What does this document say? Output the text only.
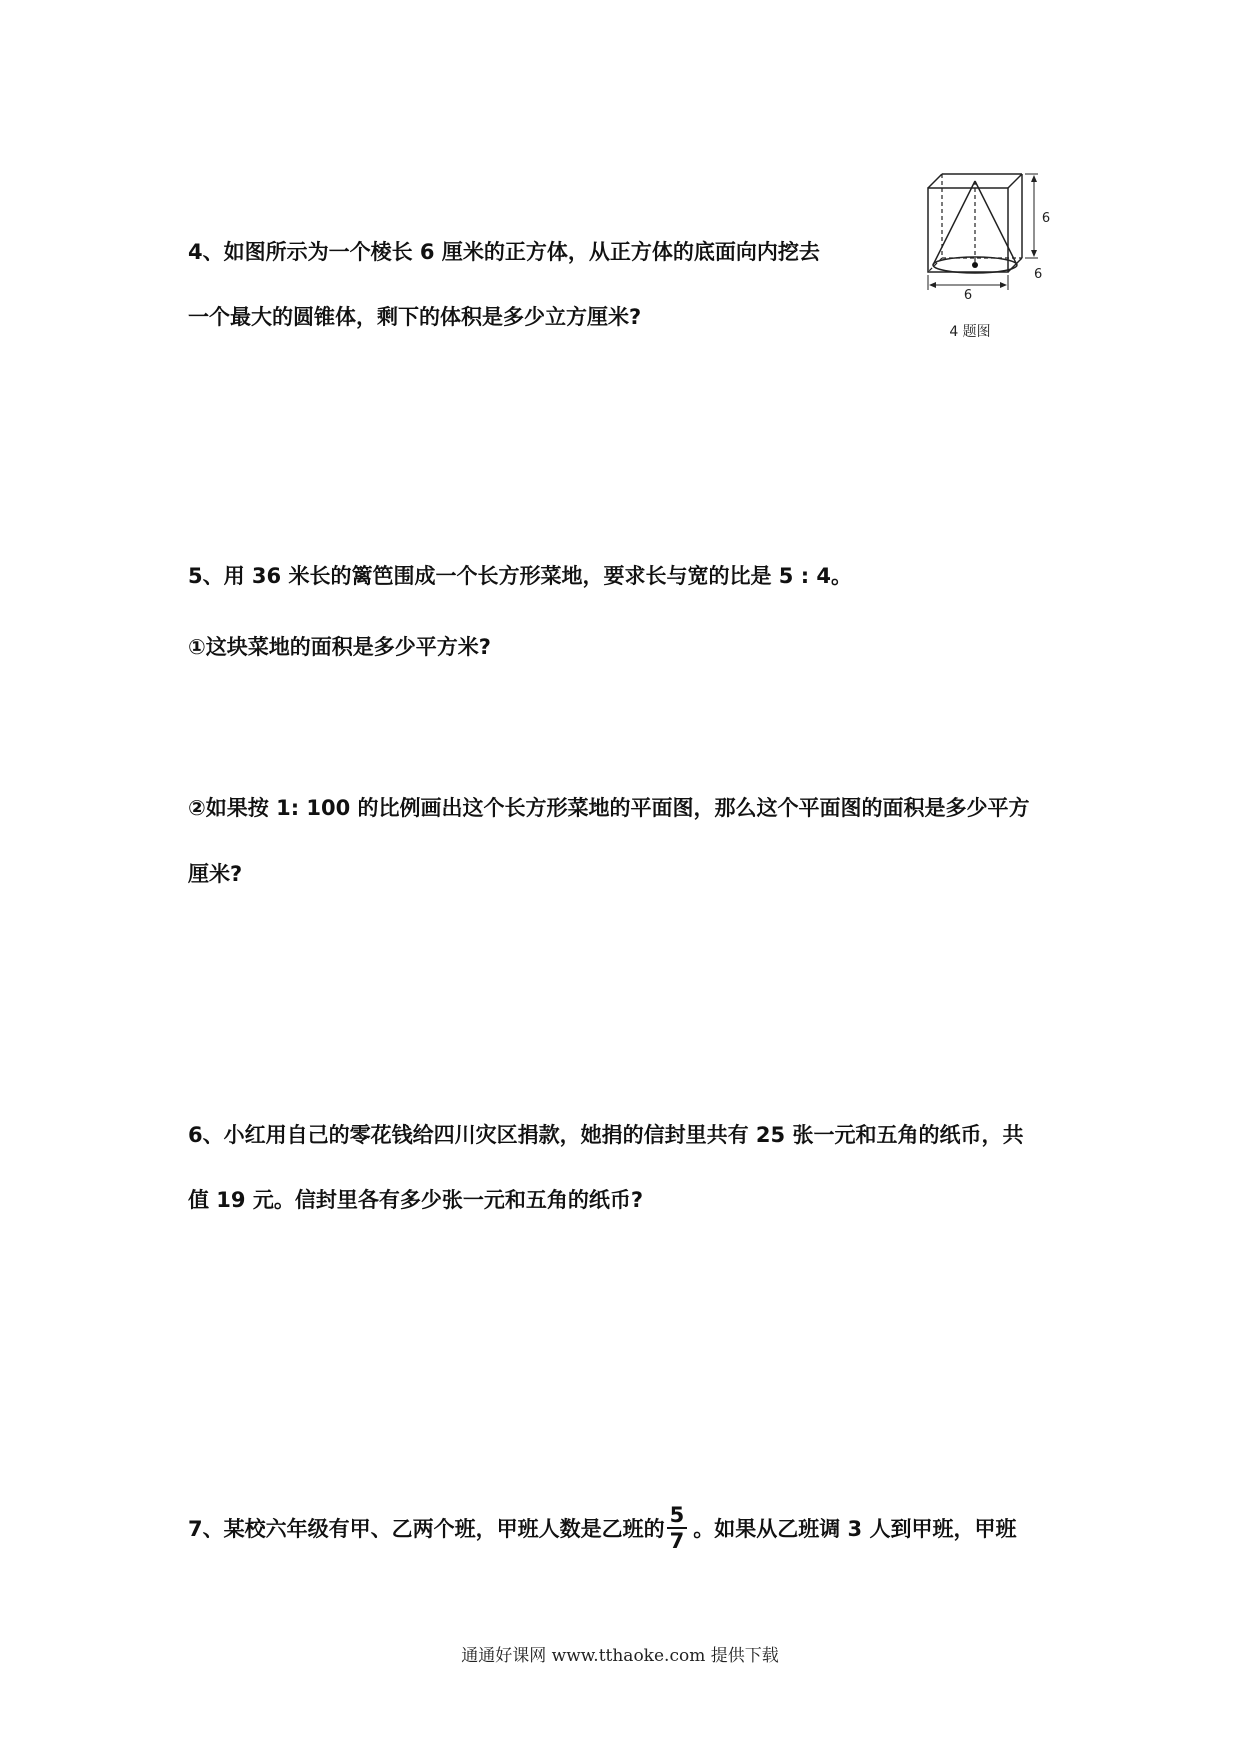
4、如图所示为一个棱长 6 厘米的正方体，从正方体的底面向内挖去
一个最大的圆锥体，剩下的体积是多少立方厘米?
6
6
6
4 题图
5、用 36 米长的篱笆围成一个长方形菜地，要求长与宽的比是 5 : 4。
①这块菜地的面积是多少平方米?
②如果按 1: 100 的比例画出这个长方形菜地的平面图，那么这个平面图的面积是多少平方
厘米?
6、小红用自己的零花钱给四川灾区捐款，她捐的信封里共有 25 张一元和五角的纸币，共
值 19 元。信封里各有多少张一元和五角的纸币?
7、某校六年级有甲、乙两个班，甲班人数是乙班的 $\frac{5}{7}$ 。如果从乙班调 3 人到甲班，甲班
通通好课网 www.tthaoke.com 提供下载
